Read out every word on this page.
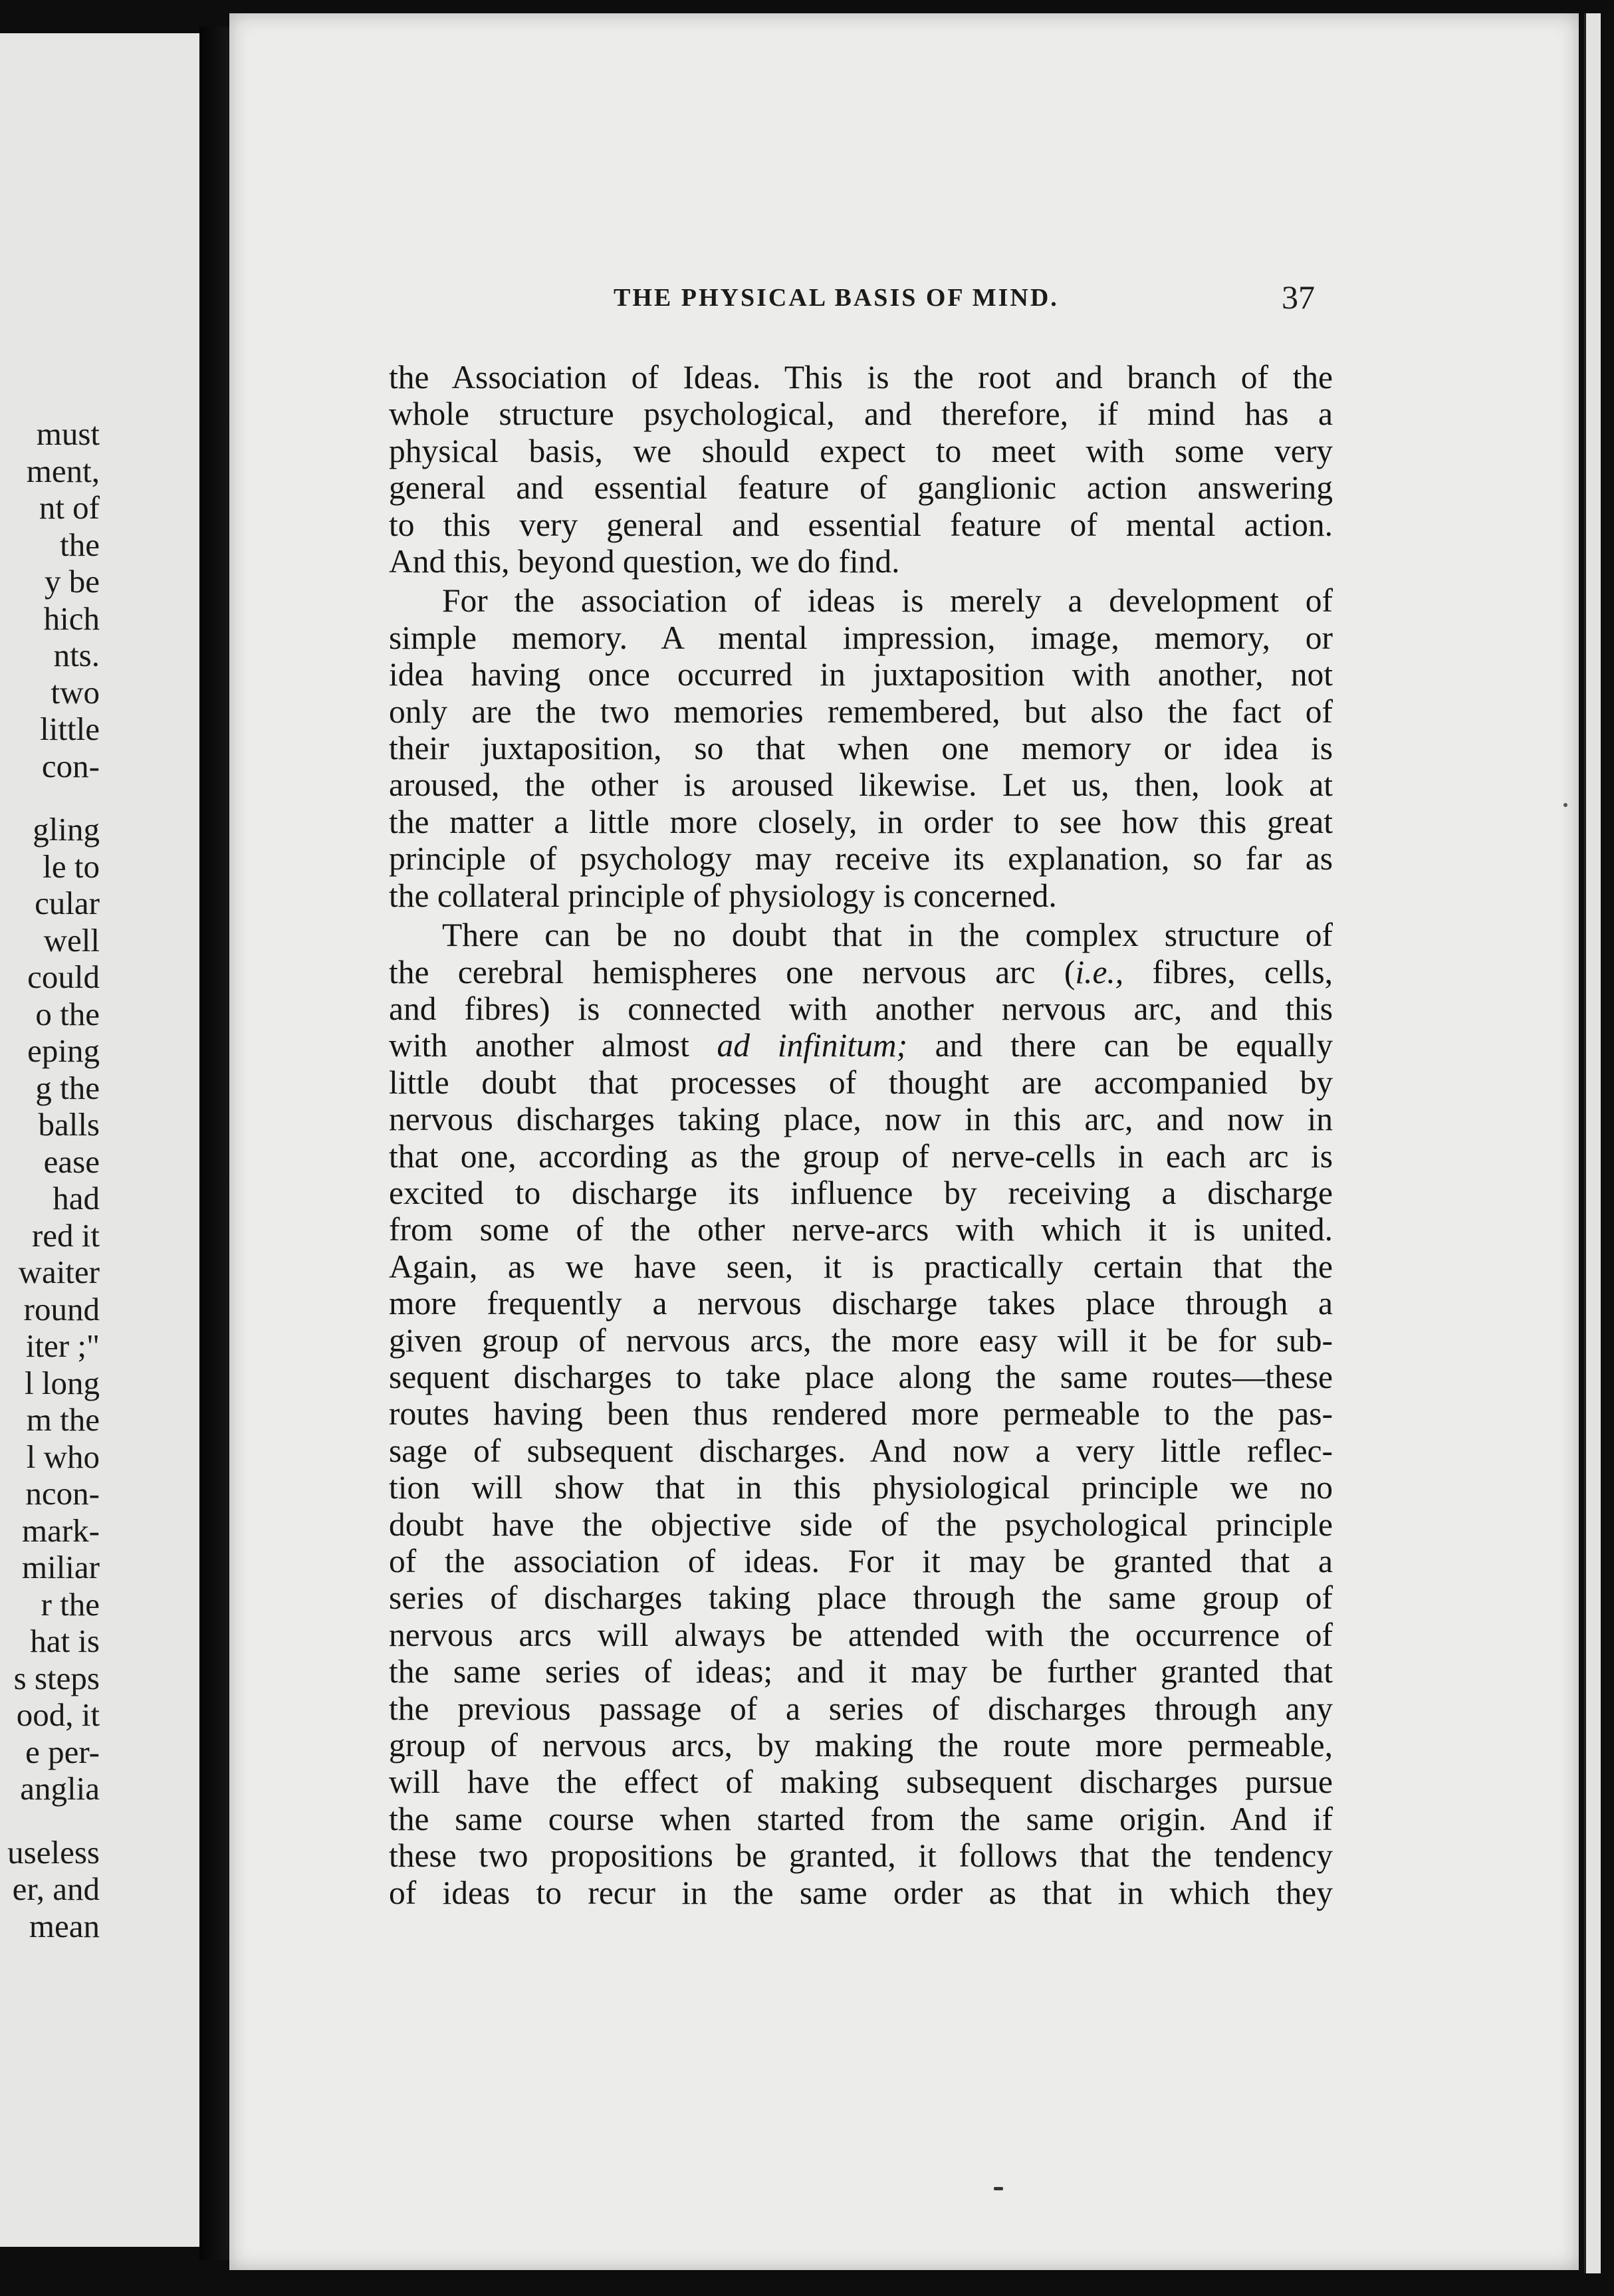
must
ment,
nt of
the
y be
hich
nts.
two
little
con-
gling
le to
cular
well
could
o the
eping
g the
balls
ease
had
red it
waiter
round
iter ;"
l long
m the
l who
ncon-
mark-
miliar
r the
hat is
s steps
ood, it
e per-
anglia
useless
er, and
mean
THE PHYSICAL BASIS OF MIND.	37

the Association of Ideas. This is the root and branch of the
whole structure psychological, and therefore, if mind has a
physical basis, we should expect to meet with some very
general and essential feature of ganglionic action answering
to this very general and essential feature of mental action.
And this, beyond question, we do find.

For the association of ideas is merely a development of
simple memory. A mental impression, image, memory, or
idea having once occurred in juxtaposition with another, not
only are the two memories remembered, but also the fact of
their juxtaposition, so that when one memory or idea is
aroused, the other is aroused likewise. Let us, then, look at
the matter a little more closely, in order to see how this great
principle of psychology may receive its explanation, so far as
the collateral principle of physiology is concerned.

There can be no doubt that in the complex structure of
the cerebral hemispheres one nervous arc (i.e., fibres, cells,
and fibres) is connected with another nervous arc, and this
with another almost ad infinitum; and there can be equally
little doubt that processes of thought are accompanied by
nervous discharges taking place, now in this arc, and now in
that one, according as the group of nerve-cells in each arc is
excited to discharge its influence by receiving a discharge
from some of the other nerve-arcs with which it is united.
Again, as we have seen, it is practically certain that the
more frequently a nervous discharge takes place through a
given group of nervous arcs, the more easy will it be for sub-
sequent discharges to take place along the same routes—these
routes having been thus rendered more permeable to the pas-
sage of subsequent discharges. And now a very little reflec-
tion will show that in this physiological principle we no
doubt have the objective side of the psychological principle
of the association of ideas. For it may be granted that a
series of discharges taking place through the same group of
nervous arcs will always be attended with the occurrence of
the same series of ideas; and it may be further granted that
the previous passage of a series of discharges through any
group of nervous arcs, by making the route more permeable,
will have the effect of making subsequent discharges pursue
the same course when started from the same origin. And if
these two propositions be granted, it follows that the tendency
of ideas to recur in the same order as that in which they
